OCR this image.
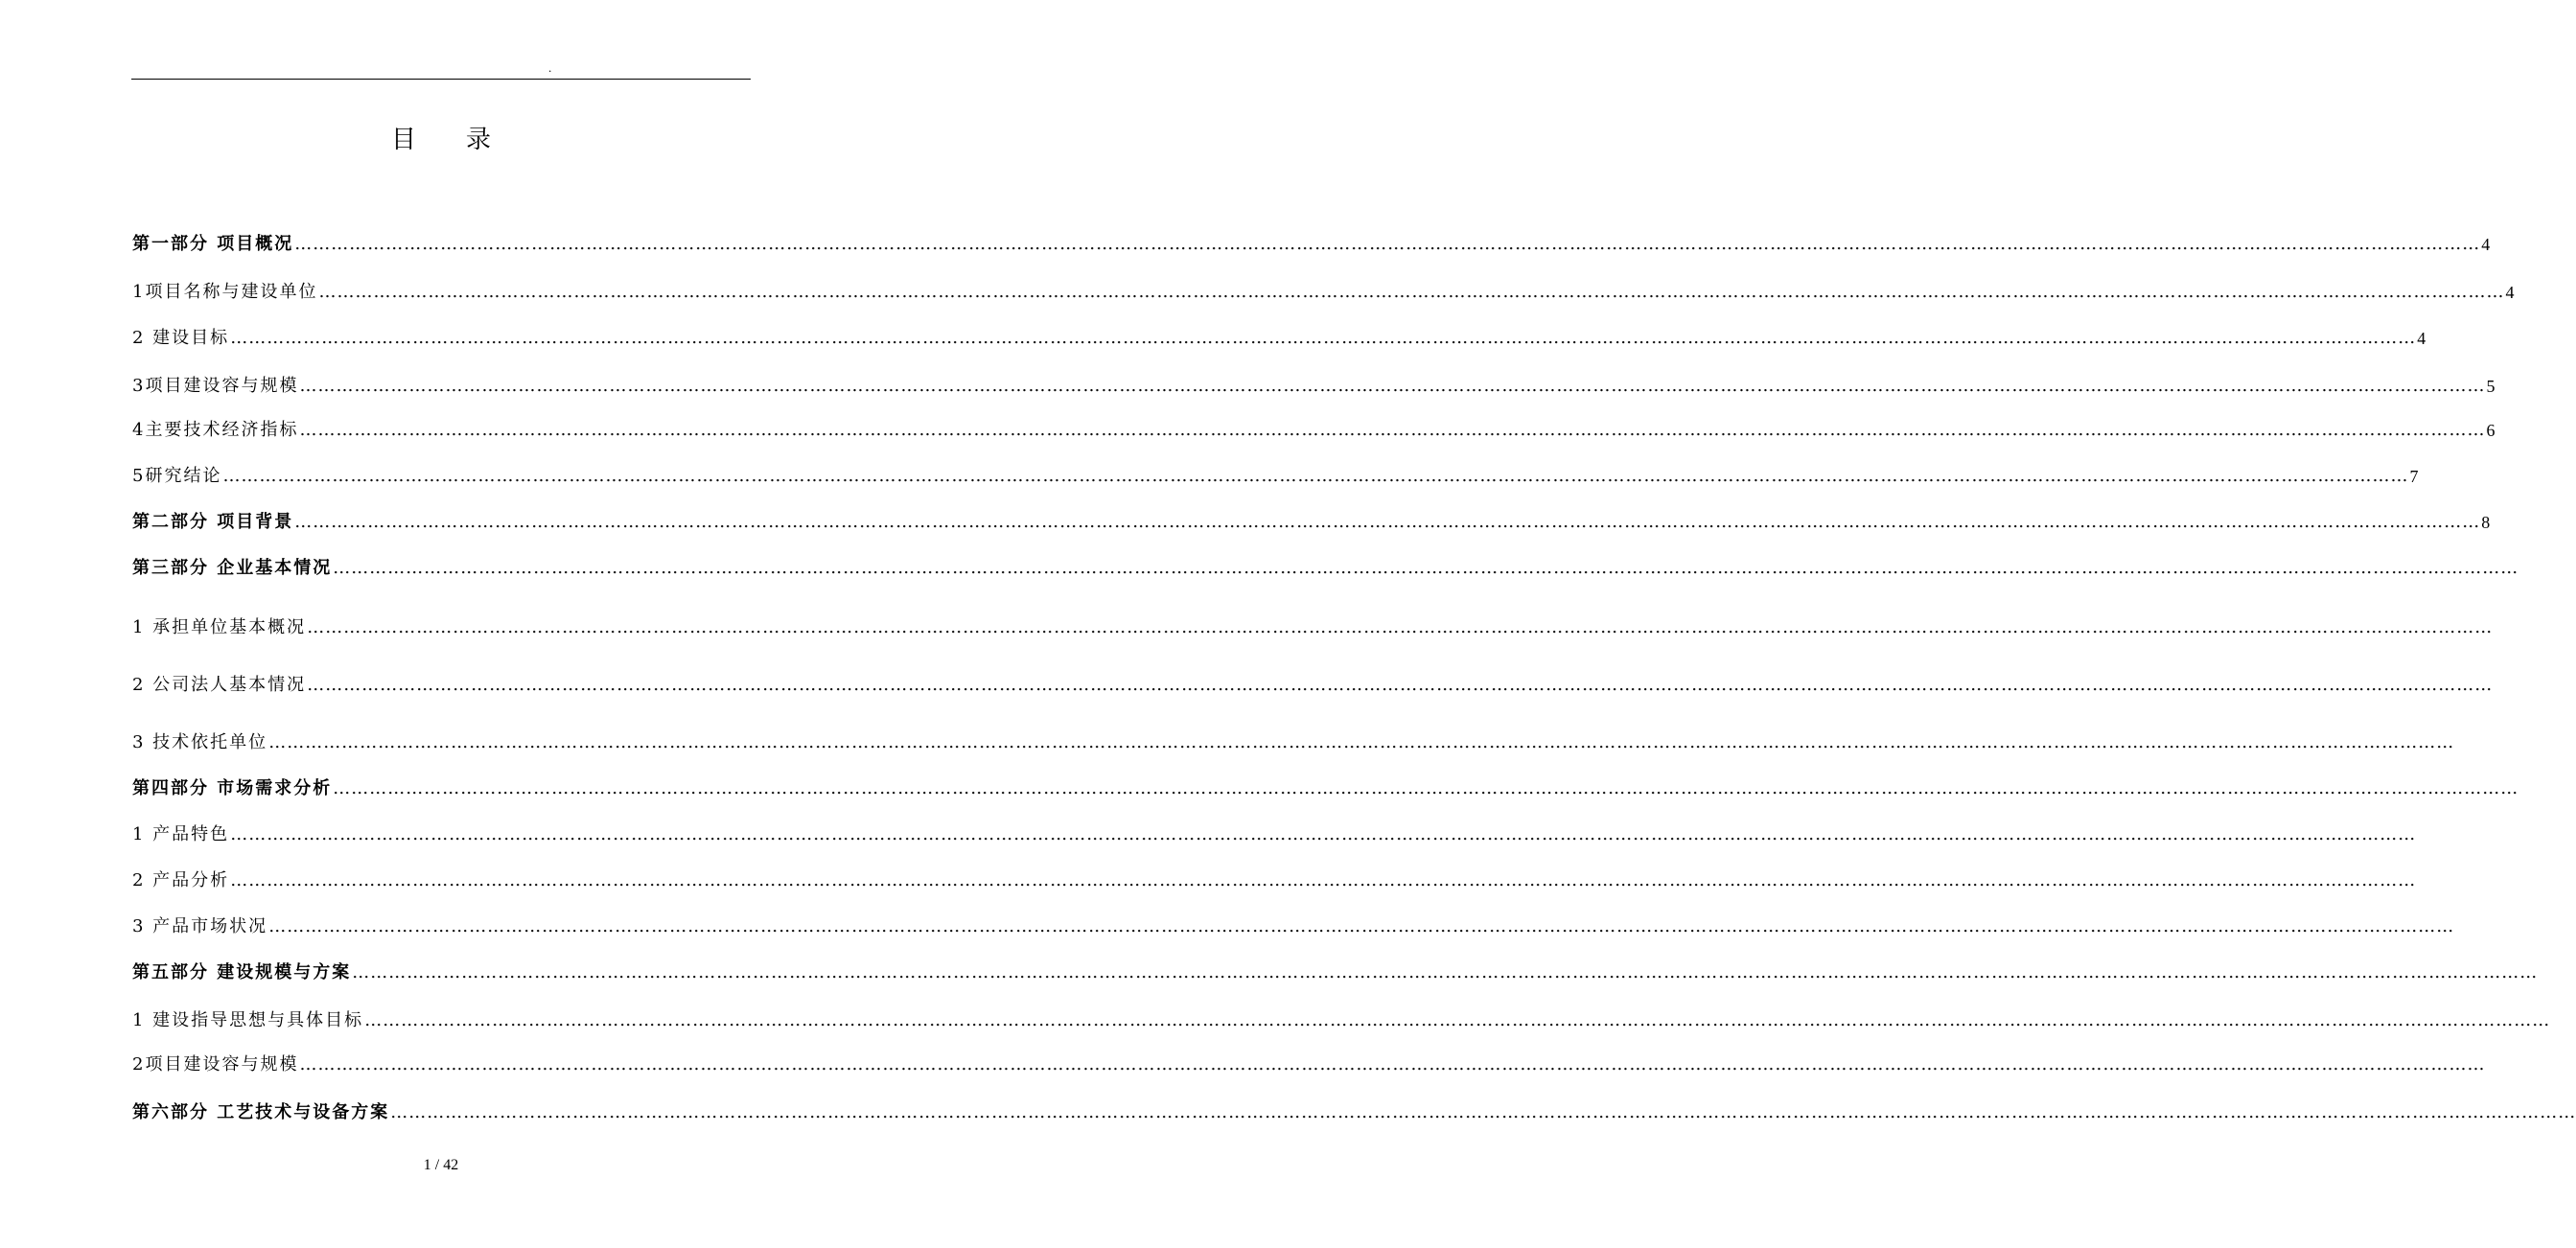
.
目 录
第一部分 项目概况 ……………………………………………………………………………………………………………………………………………………………………………………………………………………………………………………………………………………………………………………………… 4
1项目名称与建设单位 ……………………………………………………………………………………………………………………………………………………………………………………………………………………………………………………………………………………………………………………………… 4
2 建设目标 ……………………………………………………………………………………………………………………………………………………………………………………………………………………………………………………………………………………………………………………………… 4
3项目建设容与规模 ……………………………………………………………………………………………………………………………………………………………………………………………………………………………………………………………………………………………………………………………… 5
4主要技术经济指标 ……………………………………………………………………………………………………………………………………………………………………………………………………………………………………………………………………………………………………………………………… 6
5研究结论 ……………………………………………………………………………………………………………………………………………………………………………………………………………………………………………………………………………………………………………………………… 7
第二部分 项目背景 ……………………………………………………………………………………………………………………………………………………………………………………………………………………………………………………………………………………………………………………………… 8
第三部分 企业基本情况 ………………………………………………………………………………………………………………………………………………………………………………………………………………………………………………………………………………………………………………………………
1 承担单位基本概况 ………………………………………………………………………………………………………………………………………………………………………………………………………………………………………………………………………………………………………………………………
2 公司法人基本情况 ………………………………………………………………………………………………………………………………………………………………………………………………………………………………………………………………………………………………………………………………
3 技术依托单位 ………………………………………………………………………………………………………………………………………………………………………………………………………………………………………………………………………………………………………………………………
第四部分 市场需求分析 ………………………………………………………………………………………………………………………………………………………………………………………………………………………………………………………………………………………………………………………………
1 产品特色 ………………………………………………………………………………………………………………………………………………………………………………………………………………………………………………………………………………………………………………………………
2 产品分析 ………………………………………………………………………………………………………………………………………………………………………………………………………………………………………………………………………………………………………………………………
3 产品市场状况 ………………………………………………………………………………………………………………………………………………………………………………………………………………………………………………………………………………………………………………………………
第五部分 建设规模与方案 ………………………………………………………………………………………………………………………………………………………………………………………………………………………………………………………………………………………………………………………………
1 建设指导思想与具体目标 ………………………………………………………………………………………………………………………………………………………………………………………………………………………………………………………………………………………………………………………………
2项目建设容与规模 ………………………………………………………………………………………………………………………………………………………………………………………………………………………………………………………………………………………………………………………………
第六部分 工艺技术与设备方案 ………………………………………………………………………………………………………………………………………………………………………………………………………………………………………………………………………………………………………………………………
1 / 42
